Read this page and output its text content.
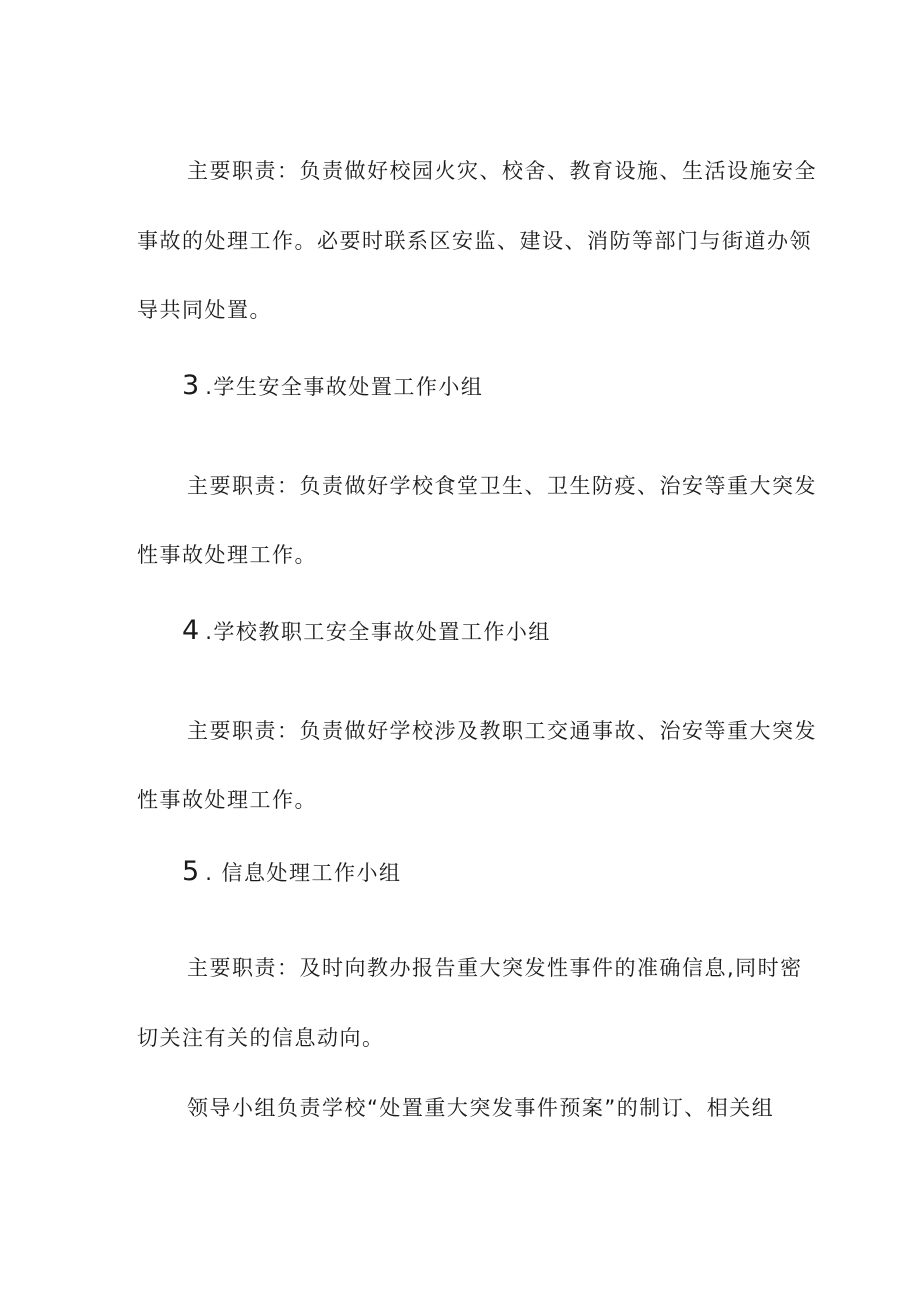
主要职责：负责做好校园火灾、校舍、教育设施、生活设施安全
事故的处理工作。必要时联系区安监、建设、消防等部门与街道办领
导共同处置。
3 .学生安全事故处置工作小组
主要职责：负责做好学校食堂卫生、卫生防疫、治安等重大突发
性事故处理工作。
4 .学校教职工安全事故处置工作小组
主要职责：负责做好学校涉及教职工交通事故、治安等重大突发
性事故处理工作。
5 . 信息处理工作小组
主要职责：及时向教办报告重大突发性事件的准确信息,同时密
切关注有关的信息动向。
领导小组负责学校“处置重大突发事件预案”的制订、相关组
